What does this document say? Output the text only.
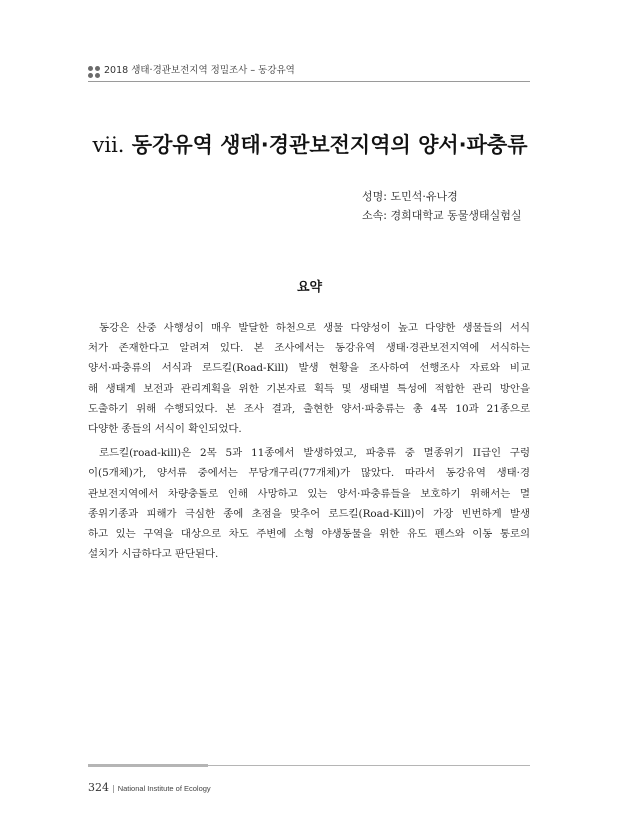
2018 생태·경관보전지역 정밀조사 – 동강유역
vii. 동강유역 생태·경관보전지역의 양서·파충류
성명: 도민석·유나경
소속: 경희대학교 동물생태실험실
요약
동강은 산중 사행성이 매우 발달한 하천으로 생물 다양성이 높고 다양한 생물들의 서식
처가 존재한다고 알려져 있다. 본 조사에서는 동강유역 생태·경관보전지역에 서식하는
양서·파충류의 서식과 로드킬(Road-Kill) 발생 현황을 조사하여 선행조사 자료와 비교
해 생태계 보전과 관리계획을 위한 기본자료 획득 및 생태별 특성에 적합한 관리 방안을
도출하기 위해 수행되었다. 본 조사 결과, 출현한 양서·파충류는 총 4목 10과 21종으로
다양한 종들의 서식이 확인되었다.
로드킬(road-kill)은 2목 5과 11종에서 발생하였고, 파충류 중 멸종위기 II급인 구렁
이(5개체)가, 양서류 중에서는 무당개구리(77개체)가 많았다. 따라서 동강유역 생태·경
관보전지역에서 차량충돌로 인해 사망하고 있는 양서·파충류들을 보호하기 위해서는 멸
종위기종과 피해가 극심한 종에 초점을 맞추어 로드킬(Road-Kill)이 가장 빈번하게 발생
하고 있는 구역을 대상으로 차도 주변에 소형 야생동물을 위한 유도 펜스와 이동 통로의
설치가 시급하다고 판단된다.
324 | National Institute of Ecology
